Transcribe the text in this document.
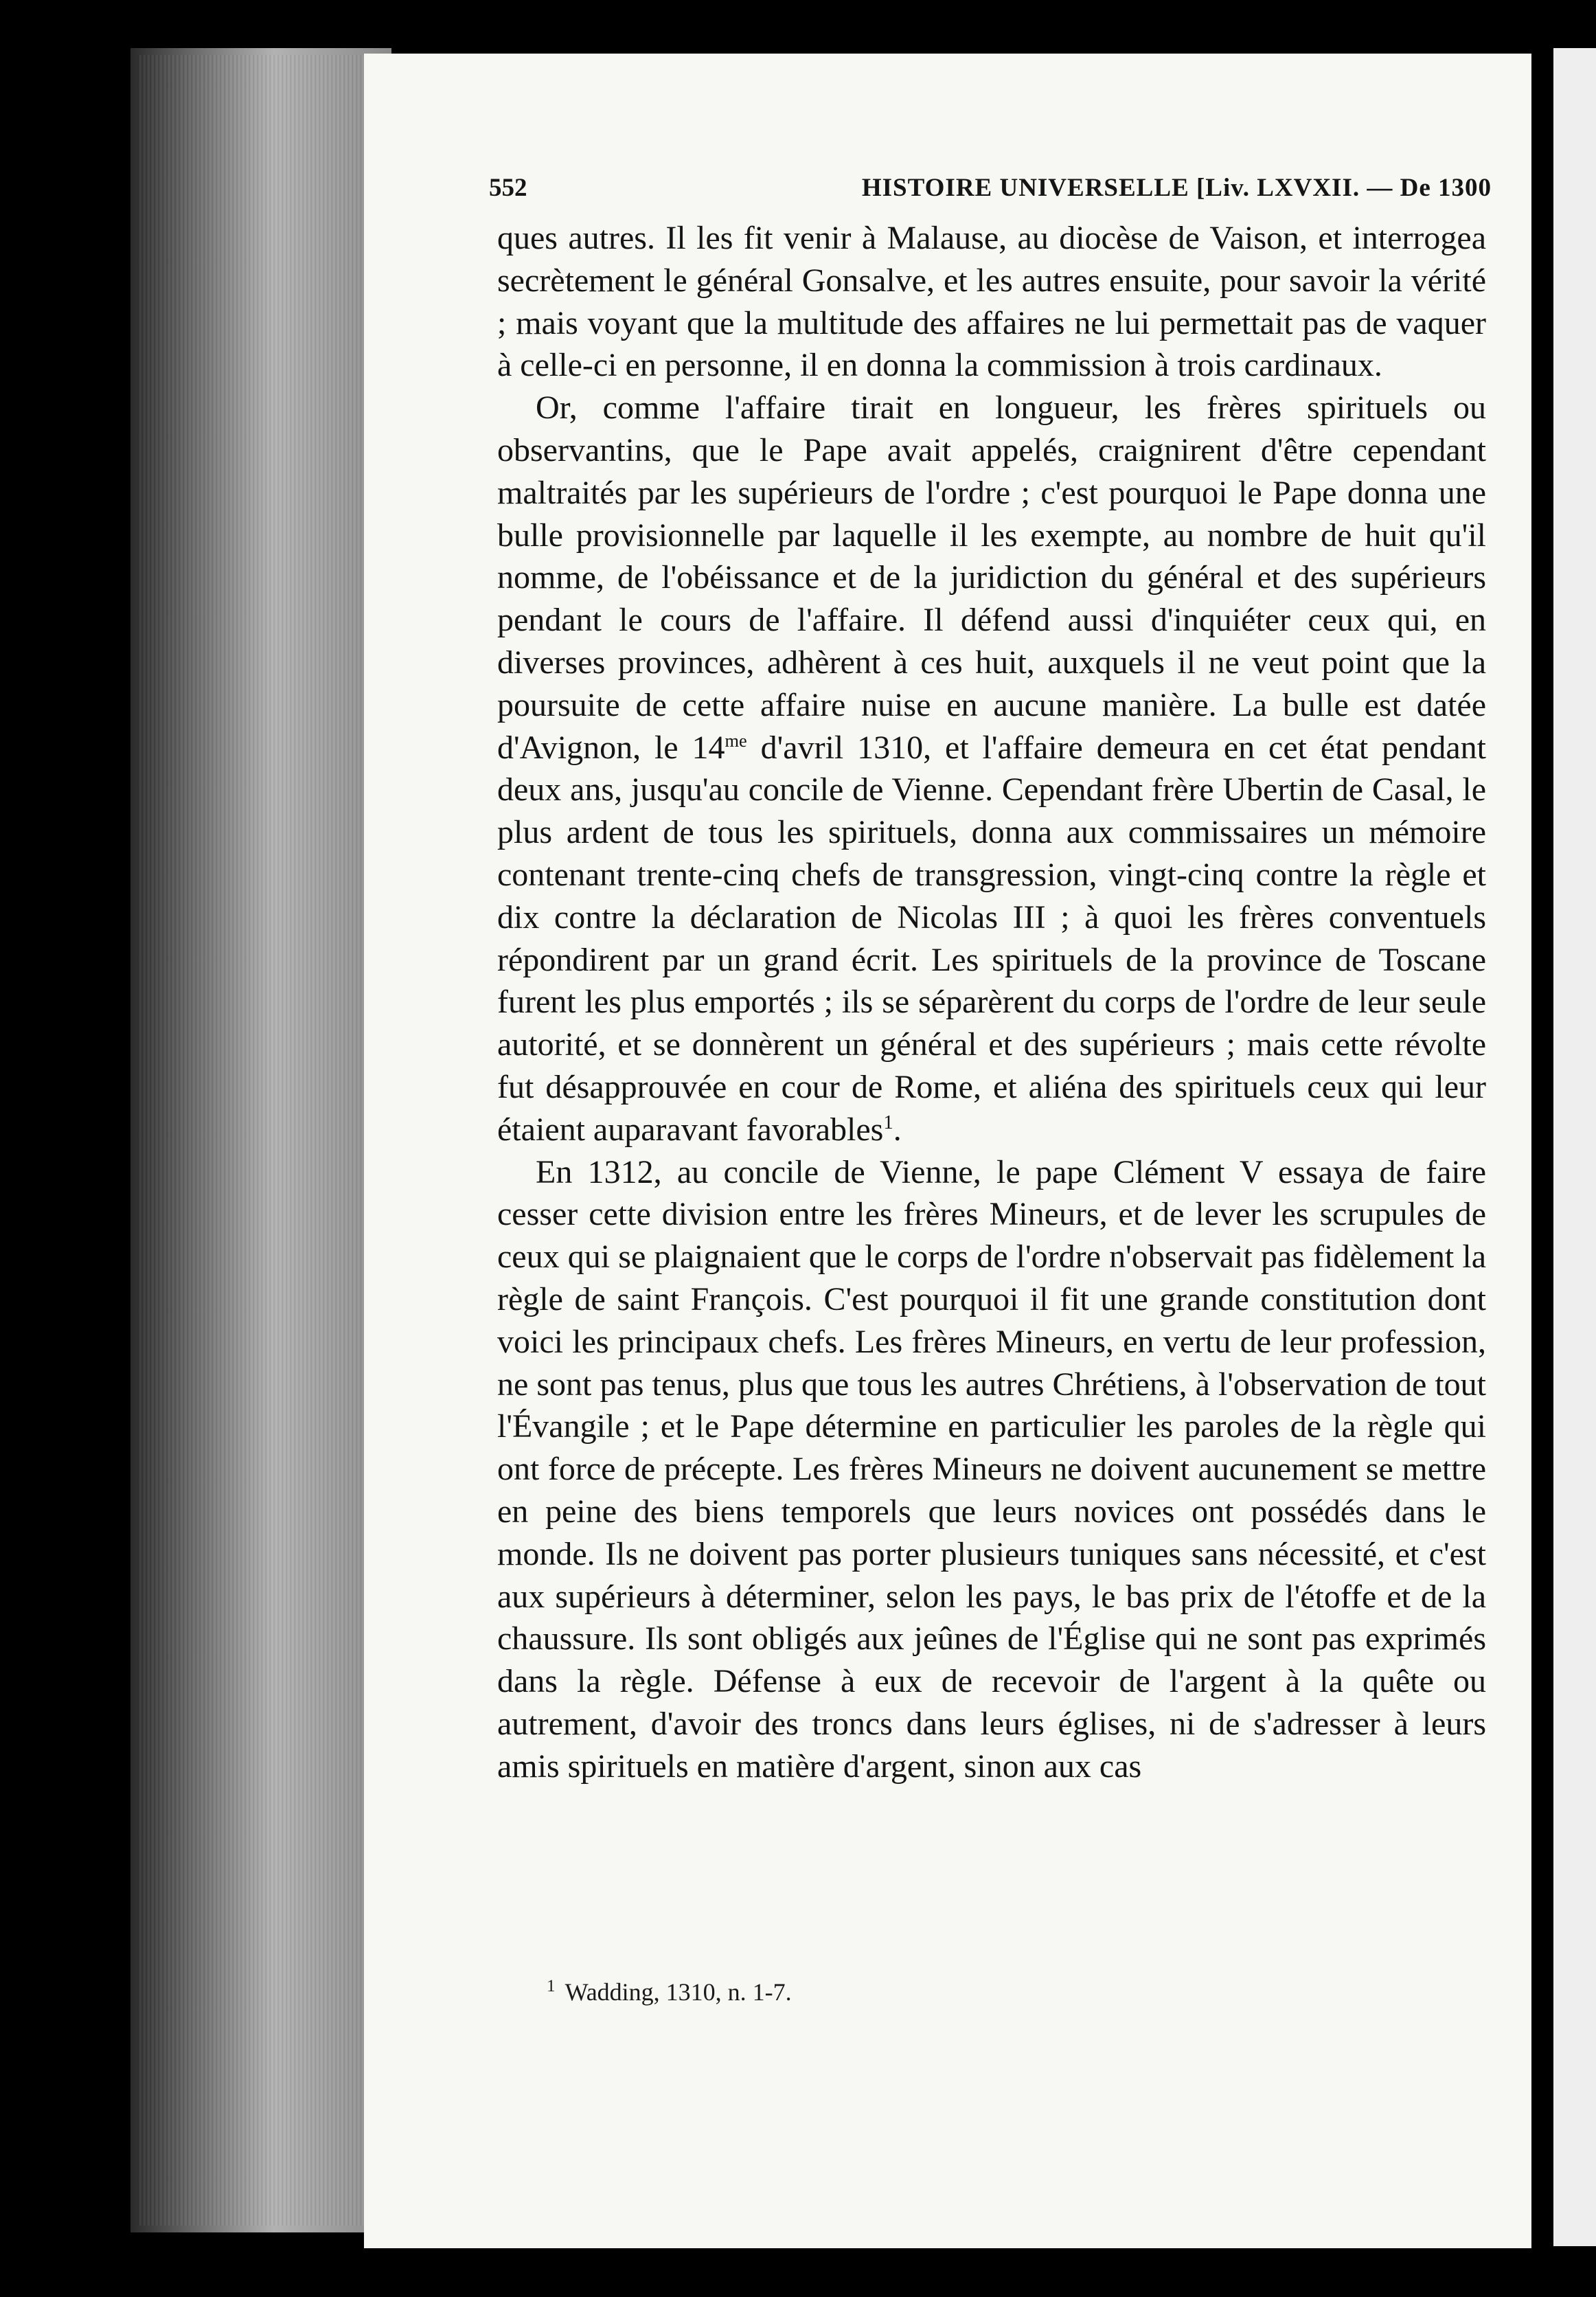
552	HISTOIRE UNIVERSELLE [Liv. LXVXII. — De 1300

ques autres. Il les fit venir à Malause, au diocèse de Vaison, et interrogea secrètement le général Gonsalve, et les autres ensuite, pour savoir la vérité ; mais voyant que la multitude des affaires ne lui permettait pas de vaquer à celle-ci en personne, il en donna la commission à trois cardinaux.

Or, comme l'affaire tirait en longueur, les frères spirituels ou observantins, que le Pape avait appelés, craignirent d'être cependant maltraités par les supérieurs de l'ordre ; c'est pourquoi le Pape donna une bulle provisionnelle par laquelle il les exempte, au nombre de huit qu'il nomme, de l'obéissance et de la juridiction du général et des supérieurs pendant le cours de l'affaire. Il défend aussi d'inquiéter ceux qui, en diverses provinces, adhèrent à ces huit, auxquels il ne veut point que la poursuite de cette affaire nuise en aucune manière. La bulle est datée d'Avignon, le $14^{me}$ d'avril 1310, et l'affaire demeura en cet état pendant deux ans, jusqu'au concile de Vienne. Cependant frère Ubertin de Casal, le plus ardent de tous les spirituels, donna aux commissaires un mémoire contenant trente-cinq chefs de transgression, vingt-cinq contre la règle et dix contre la déclaration de Nicolas III ; à quoi les frères conventuels répondirent par un grand écrit. Les spirituels de la province de Toscane furent les plus emportés ; ils se séparèrent du corps de l'ordre de leur seule autorité, et se donnèrent un général et des supérieurs ; mais cette révolte fut désapprouvée en cour de Rome, et aliéna des spirituels ceux qui leur étaient auparavant favorables$^1$.

En 1312, au concile de Vienne, le pape Clément V essaya de faire cesser cette division entre les frères Mineurs, et de lever les scrupules de ceux qui se plaignaient que le corps de l'ordre n'observait pas fidèlement la règle de saint François. C'est pourquoi il fit une grande constitution dont voici les principaux chefs. Les frères Mineurs, en vertu de leur profession, ne sont pas tenus, plus que tous les autres Chrétiens, à l'observation de tout l'Évangile ; et le Pape détermine en particulier les paroles de la règle qui ont force de précepte. Les frères Mineurs ne doivent aucunement se mettre en peine des biens temporels que leurs novices ont possédés dans le monde. Ils ne doivent pas porter plusieurs tuniques sans nécessité, et c'est aux supérieurs à déterminer, selon les pays, le bas prix de l'étoffe et de la chaussure. Ils sont obligés aux jeûnes de l'Église qui ne sont pas exprimés dans la règle. Défense à eux de recevoir de l'argent à la quête ou autrement, d'avoir des troncs dans leurs églises, ni de s'adresser à leurs amis spirituels en matière d'argent, sinon aux cas

$^1$ Wadding, 1310, n. 1-7.
